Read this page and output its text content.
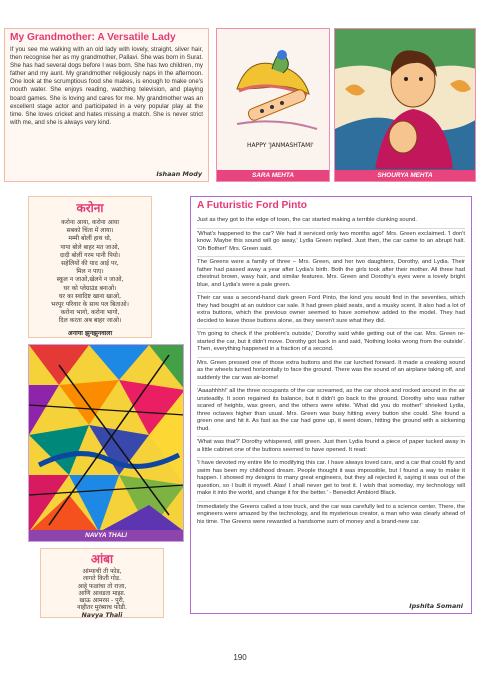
My Grandmother: A Versatile Lady

If you see me walking with an old lady with lovely, straight, silver hair, then recognise her as my grandmother, Pallavi. She was born in Surat. She has had several dogs before I was born. She has two children, my father and my aunt. My grandmother religiously naps in the afternoon. One look at the scrumptious food she makes, is enough to make one's mouth water. She enjoys reading, watching television, and playing board games. She is loving and cares for me. My grandmother was an excellent stage actor and participated in a very popular play at the time. She loves cricket and hates missing a match. She is never strict with me, and she is always very kind.

Ishaan Mody
HAPPY 'JANMASHTAMI'
SARA MEHTA	SHOURYA MEHTA
करोना
करोना आया, करोना आया
सबको चिंता में लाया।
मम्मी बोलीं हाथ धो,
पापा बोले बाहर मत जाओ,
दादी बोलीं गरम पानी पियो।
सहेलियों की याद आई पर,
मिल न पाए।
स्कूल न जाओ,खेलने न जाओ,
घर को प्लेग्राउंड बनाओ।
घर का स्वादिष्ट खाना खाओ,
भरपूर परिवार के साथ पल बिताओ।
करोना भागो, करोना भागो,
दिल करता अब बाहर जाओ।
अनाया झुनझुनवाला
NAVYA THALI
आंबा
आंम्याची ती फोड,
लागते किती गोड.
आहे फळांचा तो राजा,
आणि आवडता माझा.
खाऊ आमरस - पुरी,
नाहीतर मुरंब्याच फोडी.
Navya Thali
A Futuristic Ford Pinto

Just as they got to the edge of town, the car started making a terrible clunking sound.

'What's happened to the car? We had it serviced only two months ago!' Mrs. Green exclaimed. 'I don't know. Maybe this sound will go away,' Lydia Green replied. Just then, the car came to an abrupt halt. 'Oh Bother!' Mrs. Green said.

The Greens were a family of three – Mrs. Green, and her two daughters, Dorothy, and Lydia. Their father had passed away a year after Lydia's birth. Both the girls took after their mother. All three had chestnut brown, wavy hair, and similar features. Mrs. Green and Dorothy's eyes were a lovely bright blue, and Lydia's were a pale green.

Their car was a second-hand dark green Ford Pinto, the kind you would find in the seventies, which they had bought at an outdoor car sale. It had green plaid seats, and a musky scent. It also had a lot of extra buttons, which the previous owner seemed to have somehow added to the model. They had decided to leave those buttons alone, as they weren't sure what they did.

'I'm going to check if the problem's outside,' Dorothy said while getting out of the car. Mrs. Green re-started the car, but it didn't move. Dorothy got back in and said, 'Nothing looks wrong from the outside'. Then, everything happened in a fraction of a second.

Mrs. Green pressed one of those extra buttons and the car lurched forward. It made a creaking sound as the wheels turned horizontally to face the ground. There was the sound of an airplane taking off, and suddenly the car was air-borne!

'Aaaahhhh!' all the three occupants of the car screamed, as the car shook and rocked around in the air unsteadily. It soon regained its balance, but it didn't go back to the ground. Dorothy who was rather scared of heights, was green, and the others were white. 'What did you do mother!' shrieked Lydia, three octaves higher than usual. Mrs. Green was busy hitting every button she could. She found a green one and hit it. As fast as the car had gone up, it went down, hitting the ground with a sickening thud.

'What was that?' Dorothy whispered, still green. Just then Lydia found a piece of paper tucked away in a little cabinet one of the buttons seemed to have opened. It read:

'I have devoted my entire life to modifying this car. I have always loved cars, and a car that could fly and swim has been my childhood dream. People thought it was impossible, but I found a way to make it happen. I showed my designs to many great engineers, but they all rejected it, saying it was out of the question, so I built it myself. Alas! I shall never get to test it. I wish that someday, my technology will make it into the world, and change it for the better.' - Benedict Amblord Black.

Immediately the Greens called a tow truck, and the car was carefully led to a science center. There, the engineers were amazed by the technology, and its mysterious creator, a man who was clearly ahead of his time. The Greens were rewarded a handsome sum of money and a brand-new car.

Ipshita Somani
190
